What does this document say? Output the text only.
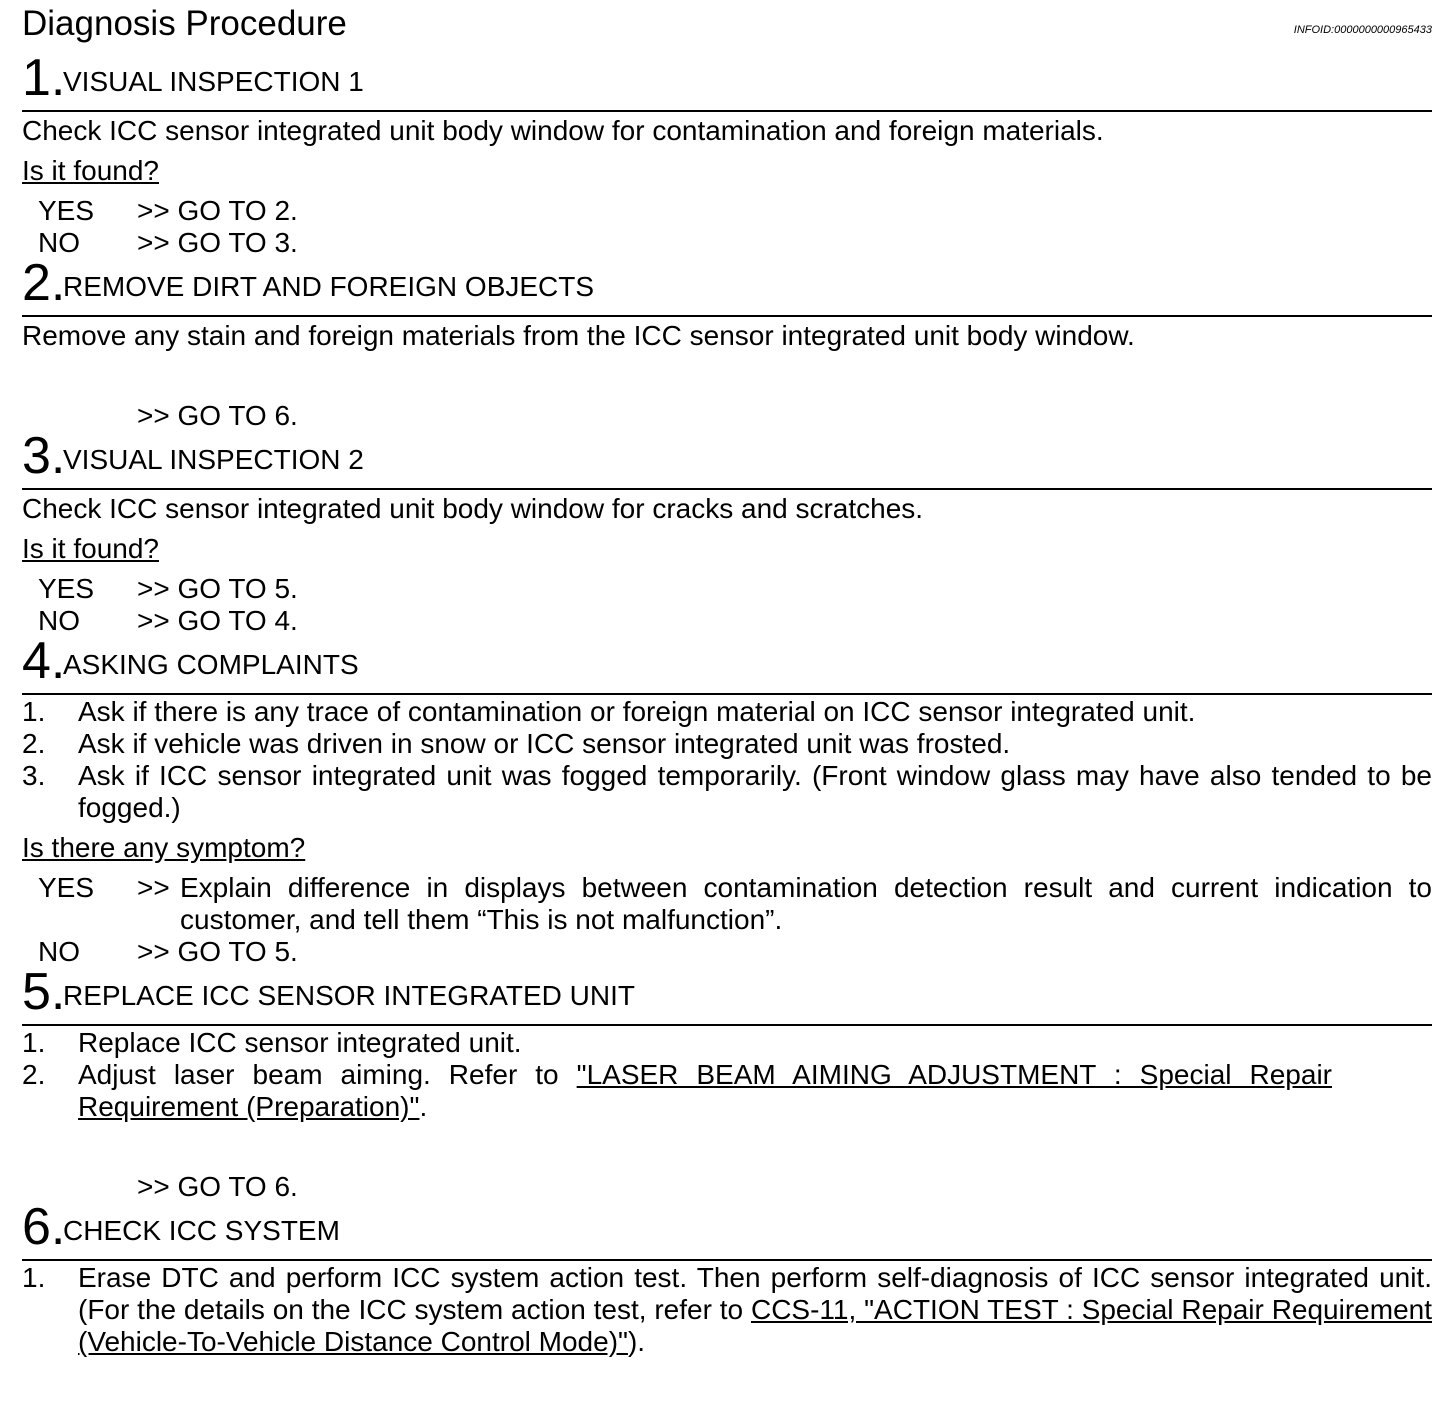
Diagnosis Procedure	INFOID:0000000000965433
1.
VISUAL INSPECTION 1
Check ICC sensor integrated unit body window for contamination and foreign materials.
Is it found?
YES >> GO TO 2.

NO >> GO TO 3.

2.
REMOVE DIRT AND FOREIGN OBJECTS
Remove any stain and foreign materials from the ICC sensor integrated unit body window.
>> GO TO 6.
3.
VISUAL INSPECTION 2
Check ICC sensor integrated unit body window for cracks and scratches.
Is it found?
YES >> GO TO 5.

NO >> GO TO 4.

4.
ASKING COMPLAINTS
1. Ask if there is any trace of contamination or foreign material on ICC sensor integrated unit.
2. Ask if vehicle was driven in snow or ICC sensor integrated unit was frosted.
3. Ask if ICC sensor integrated unit was fogged temporarily. (Front window glass may have also tended to be fogged.)
Is there any symptom?
YES >> Explain difference in displays between contamination detection result and current indication to customer, and tell them “This is not malfunction”.
NO >> GO TO 5.

5.
REPLACE ICC SENSOR INTEGRATED UNIT
1. Replace ICC sensor integrated unit.
2. Adjust laser beam aiming. Refer to "LASER BEAM AIMING ADJUSTMENT : Special Repair Requirement (Preparation)".
>> GO TO 6.
6.
CHECK ICC SYSTEM
1. Erase DTC and perform ICC system action test. Then perform self-diagnosis of ICC sensor integrated unit. (For the details on the ICC system action test, refer to CCS-11, "ACTION TEST : Special Repair Requirement (Vehicle-To-Vehicle Distance Control Mode)").
